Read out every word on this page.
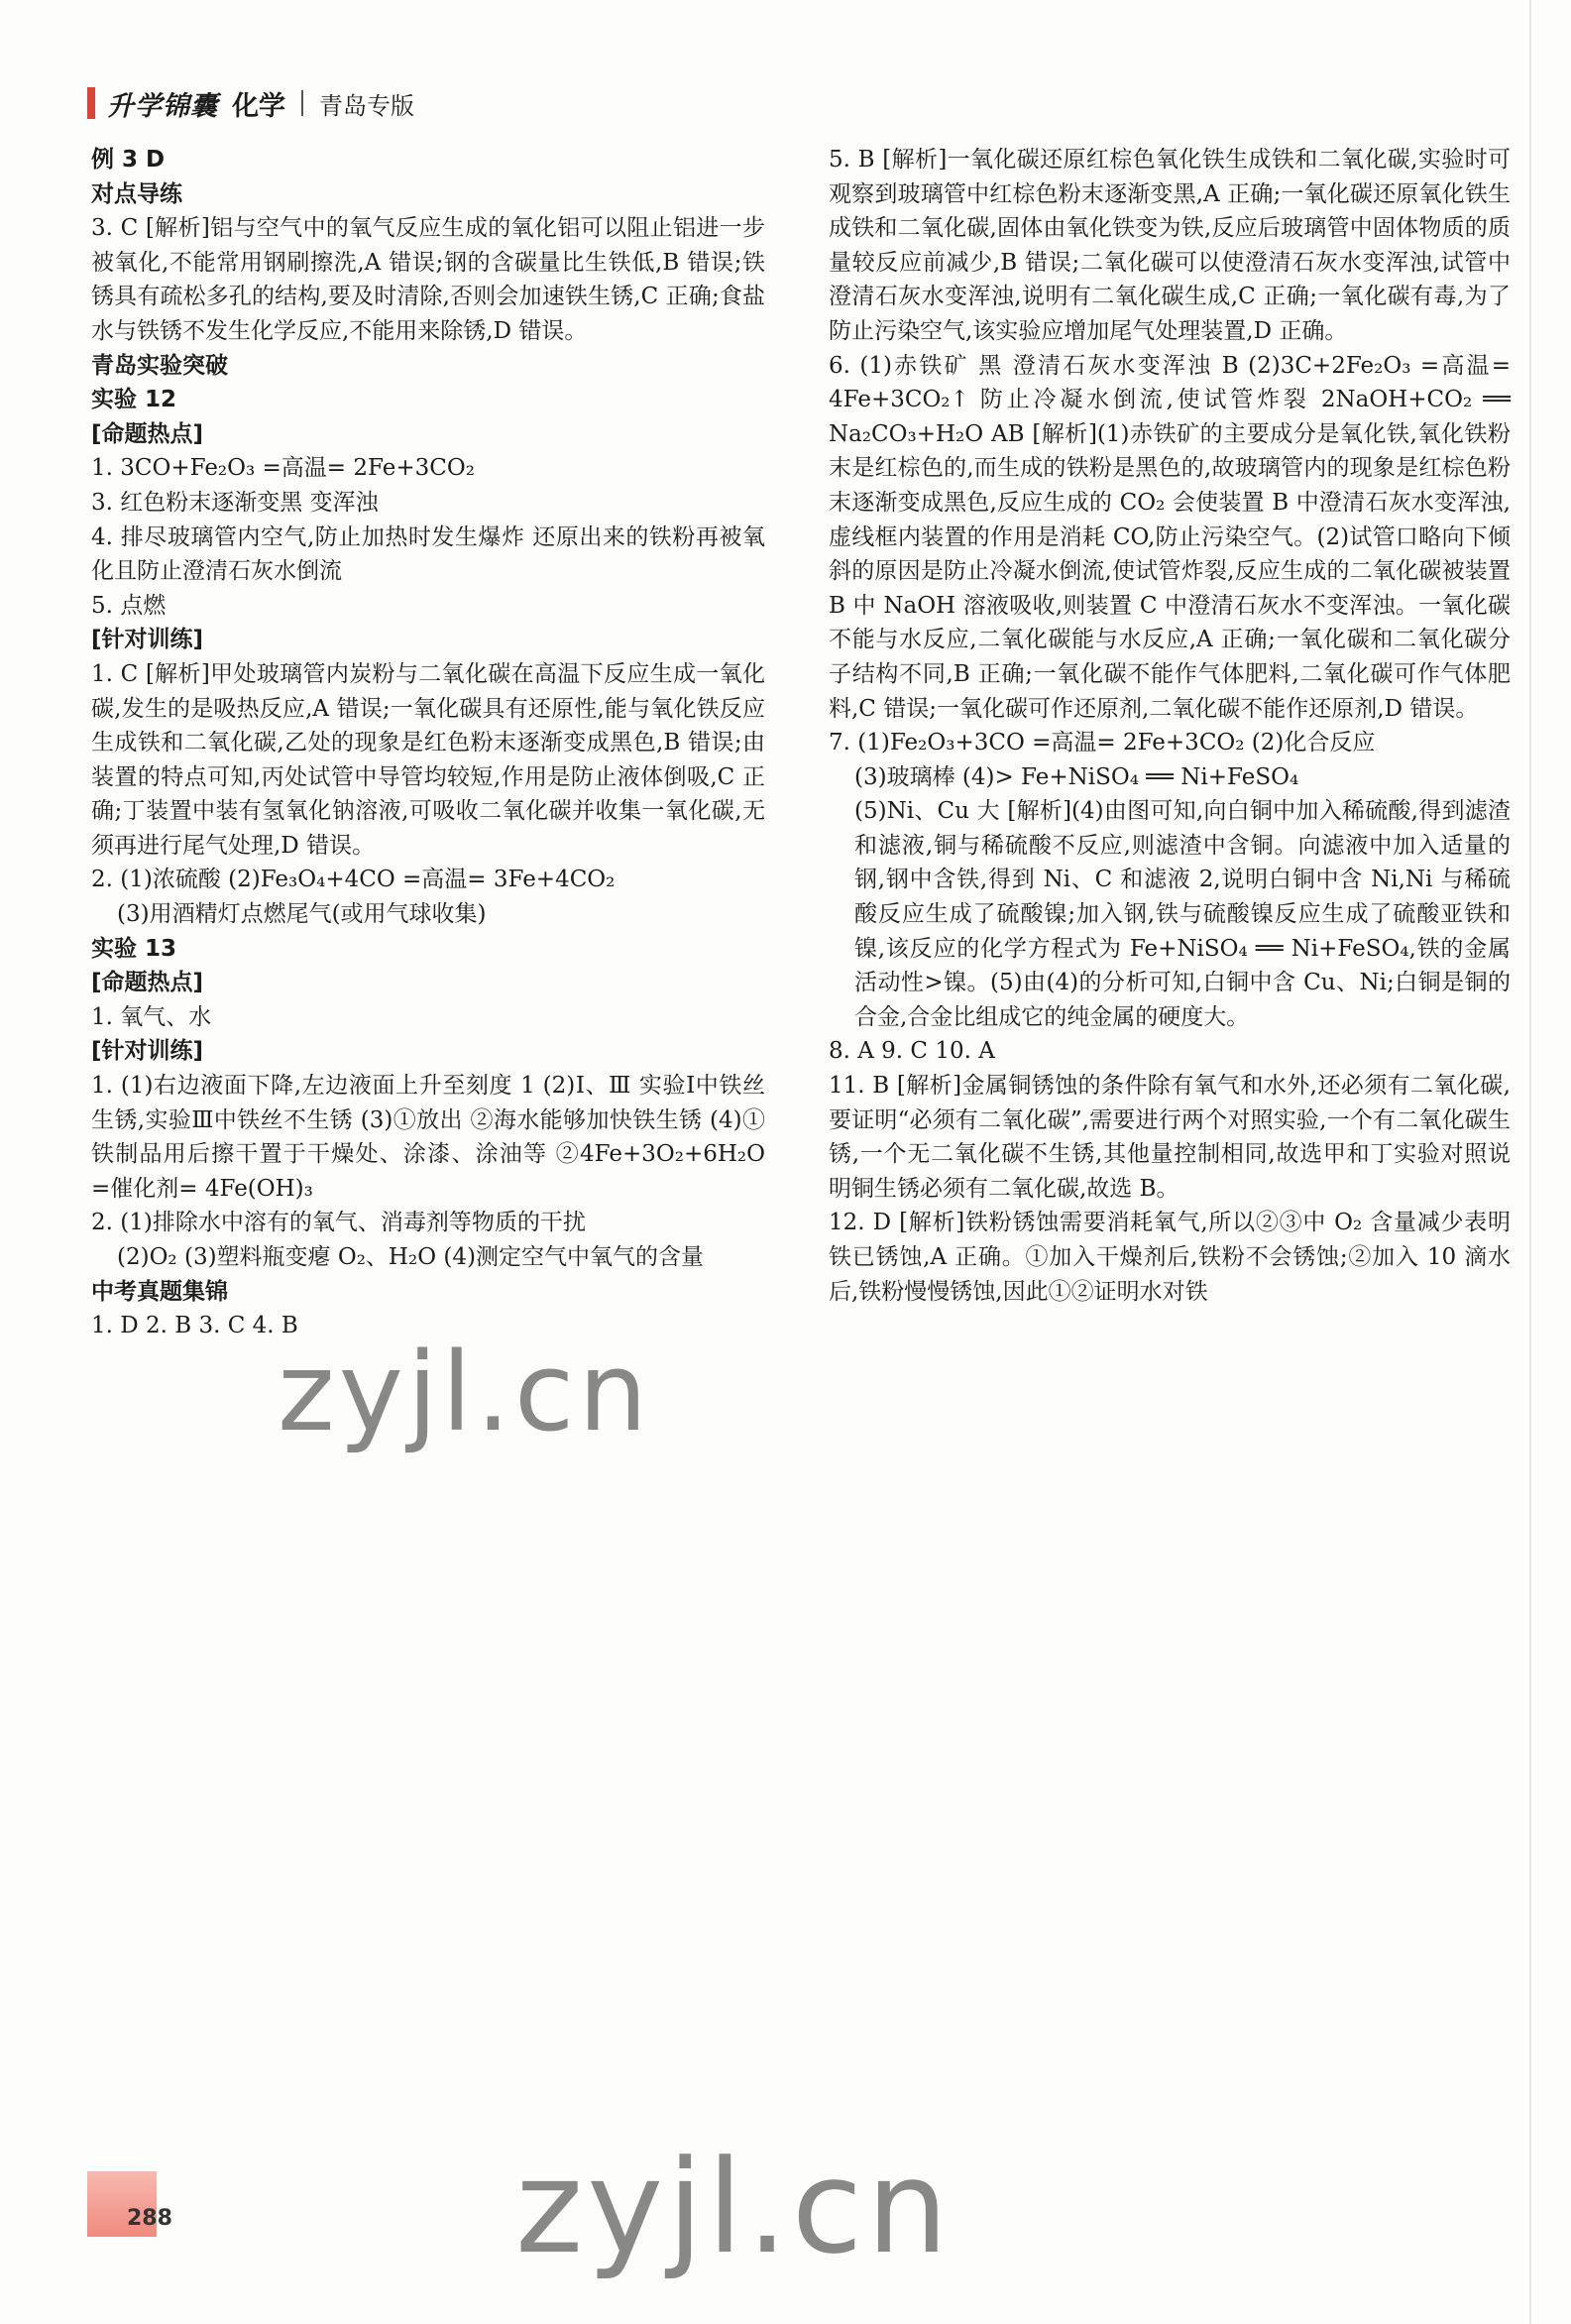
升学锦囊 化学 青岛专版

例 3 D

对点导练

3. C [解析]铝与空气中的氧气反应生成的氧化铝可以阻止铝进一步被氧化,不能常用钢刷擦洗,A 错误;钢的含碳量比生铁低,B 错误;铁锈具有疏松多孔的结构,要及时清除,否则会加速铁生锈,C 正确;食盐水与铁锈不发生化学反应,不能用来除锈,D 错误。

青岛实验突破

实验 12

[命题热点]

1. 3CO+Fe₂O₃ =高温= 2Fe+3CO₂

3. 红色粉末逐渐变黑 变浑浊

4. 排尽玻璃管内空气,防止加热时发生爆炸 还原出来的铁粉再被氧化且防止澄清石灰水倒流

5. 点燃

[针对训练]

1. C [解析]甲处玻璃管内炭粉与二氧化碳在高温下反应生成一氧化碳,发生的是吸热反应,A 错误;一氧化碳具有还原性,能与氧化铁反应生成铁和二氧化碳,乙处的现象是红色粉末逐渐变成黑色,B 错误;由装置的特点可知,丙处试管中导管均较短,作用是防止液体倒吸,C 正确;丁装置中装有氢氧化钠溶液,可吸收二氧化碳并收集一氧化碳,无须再进行尾气处理,D 错误。

2. (1)浓硫酸 (2)Fe₃O₄+4CO =高温= 3Fe+4CO₂

(3)用酒精灯点燃尾气(或用气球收集)

实验 13

[命题热点]

1. 氧气、水

[针对训练]

1. (1)右边液面下降,左边液面上升至刻度 1 (2)Ⅰ、Ⅲ 实验Ⅰ中铁丝生锈,实验Ⅲ中铁丝不生锈 (3)①放出 ②海水能够加快铁生锈 (4)①铁制品用后擦干置于干燥处、涂漆、涂油等 ②4Fe+3O₂+6H₂O =催化剂= 4Fe(OH)₃

2. (1)排除水中溶有的氧气、消毒剂等物质的干扰

(2)O₂ (3)塑料瓶变瘪 O₂、H₂O (4)测定空气中氧气的含量

中考真题集锦

1. D 2. B 3. C 4. B

5. B [解析]一氧化碳还原红棕色氧化铁生成铁和二氧化碳,实验时可观察到玻璃管中红棕色粉末逐渐变黑,A 正确;一氧化碳还原氧化铁生成铁和二氧化碳,固体由氧化铁变为铁,反应后玻璃管中固体物质的质量较反应前减少,B 错误;二氧化碳可以使澄清石灰水变浑浊,试管中澄清石灰水变浑浊,说明有二氧化碳生成,C 正确;一氧化碳有毒,为了防止污染空气,该实验应增加尾气处理装置,D 正确。

6. (1)赤铁矿 黑 澄清石灰水变浑浊 B (2)3C+2Fe₂O₃ =高温= 4Fe+3CO₂↑ 防止冷凝水倒流,使试管炸裂 2NaOH+CO₂ ══ Na₂CO₃+H₂O AB [解析](1)赤铁矿的主要成分是氧化铁,氧化铁粉末是红棕色的,而生成的铁粉是黑色的,故玻璃管内的现象是红棕色粉末逐渐变成黑色,反应生成的 CO₂ 会使装置 B 中澄清石灰水变浑浊,虚线框内装置的作用是消耗 CO,防止污染空气。(2)试管口略向下倾斜的原因是防止冷凝水倒流,使试管炸裂,反应生成的二氧化碳被装置 B 中 NaOH 溶液吸收,则装置 C 中澄清石灰水不变浑浊。一氧化碳不能与水反应,二氧化碳能与水反应,A 正确;一氧化碳和二氧化碳分子结构不同,B 正确;一氧化碳不能作气体肥料,二氧化碳可作气体肥料,C 错误;一氧化碳可作还原剂,二氧化碳不能作还原剂,D 错误。

7. (1)Fe₂O₃+3CO =高温= 2Fe+3CO₂ (2)化合反应

(3)玻璃棒 (4)> Fe+NiSO₄ ══ Ni+FeSO₄

(5)Ni、Cu 大 [解析](4)由图可知,向白铜中加入稀硫酸,得到滤渣和滤液,铜与稀硫酸不反应,则滤渣中含铜。向滤液中加入适量的钢,钢中含铁,得到 Ni、C 和滤液 2,说明白铜中含 Ni,Ni 与稀硫酸反应生成了硫酸镍;加入钢,铁与硫酸镍反应生成了硫酸亚铁和镍,该反应的化学方程式为 Fe+NiSO₄ ══ Ni+FeSO₄,铁的金属活动性>镍。(5)由(4)的分析可知,白铜中含 Cu、Ni;白铜是铜的合金,合金比组成它的纯金属的硬度大。

8. A 9. C 10. A

11. B [解析]金属铜锈蚀的条件除有氧气和水外,还必须有二氧化碳,要证明“必须有二氧化碳”,需要进行两个对照实验,一个有二氧化碳生锈,一个无二氧化碳不生锈,其他量控制相同,故选甲和丁实验对照说明铜生锈必须有二氧化碳,故选 B。

12. D [解析]铁粉锈蚀需要消耗氧气,所以②③中 O₂ 含量减少表明铁已锈蚀,A 正确。①加入干燥剂后,铁粉不会锈蚀;②加入 10 滴水后,铁粉慢慢锈蚀,因此①②证明水对铁

288
zyjl.cn
zyjl.cn
